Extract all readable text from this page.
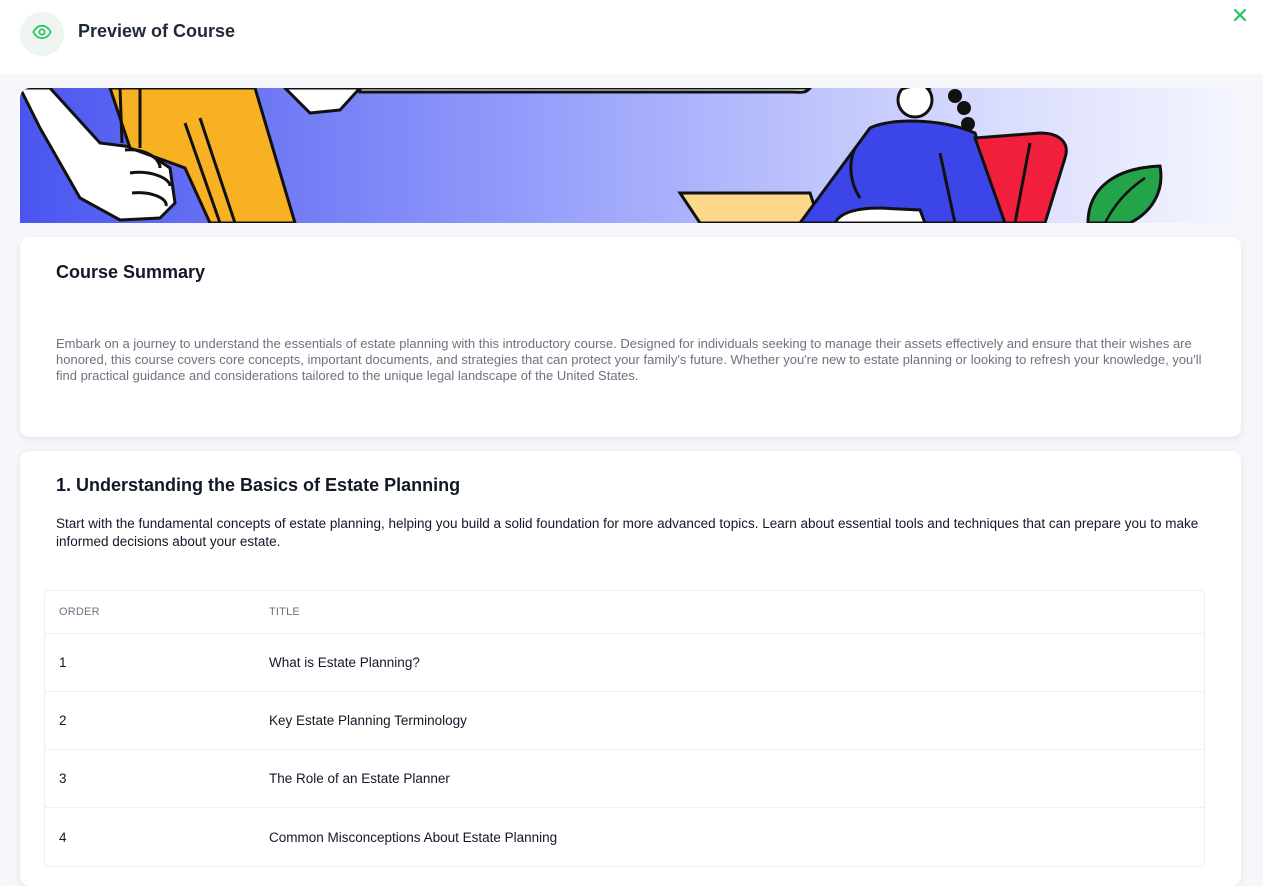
Preview of Course
Course Summary
Embark on a journey to understand the essentials of estate planning with this introductory course. Designed for individuals seeking to manage their assets effectively and ensure that their wishes are honored, this course covers core concepts, important documents, and strategies that can protect your family's future. Whether you're new to estate planning or looking to refresh your knowledge, you'll find practical guidance and considerations tailored to the unique legal landscape of the United States.
1. Understanding the Basics of Estate Planning
Start with the fundamental concepts of estate planning, helping you build a solid foundation for more advanced topics. Learn about essential tools and techniques that can prepare you to make informed decisions about your estate.
ORDER	TITLE
1	What is Estate Planning?
2	Key Estate Planning Terminology
3	The Role of an Estate Planner
4	Common Misconceptions About Estate Planning
